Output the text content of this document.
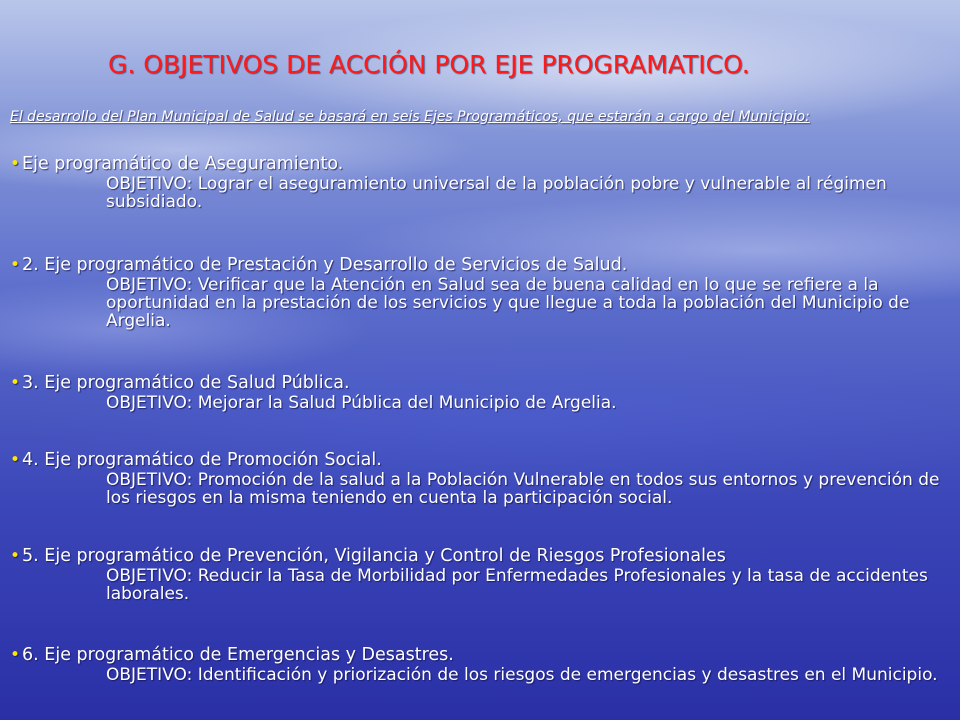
G. OBJETIVOS DE ACCIÓN POR EJE PROGRAMATICO.
El desarrollo del Plan Municipal de Salud se basará en seis Ejes Programáticos, que estarán a cargo del Municipio:
• Eje programático de Aseguramiento.
OBJETIVO: Lograr el aseguramiento universal de la población pobre y vulnerable al régimen subsidiado.
• 2. Eje programático de Prestación y Desarrollo de Servicios de Salud.
OBJETIVO: Verificar que la Atención en Salud sea de buena calidad en lo que se refiere a la oportunidad en la prestación de los servicios y que llegue a toda la población del Municipio de Argelia.
• 3. Eje programático de Salud Pública.
OBJETIVO: Mejorar la Salud Pública del Municipio de Argelia.
• 4. Eje programático de Promoción Social.
OBJETIVO: Promoción de la salud a la Población Vulnerable en todos sus entornos y prevención de los riesgos en la misma teniendo en cuenta la participación social.
• 5. Eje programático de Prevención, Vigilancia y Control de Riesgos Profesionales
OBJETIVO: Reducir la Tasa de Morbilidad por Enfermedades Profesionales y la tasa de accidentes laborales.
• 6. Eje programático de Emergencias y Desastres.
OBJETIVO: Identificación y priorización de los riesgos de emergencias y desastres en el Municipio.
